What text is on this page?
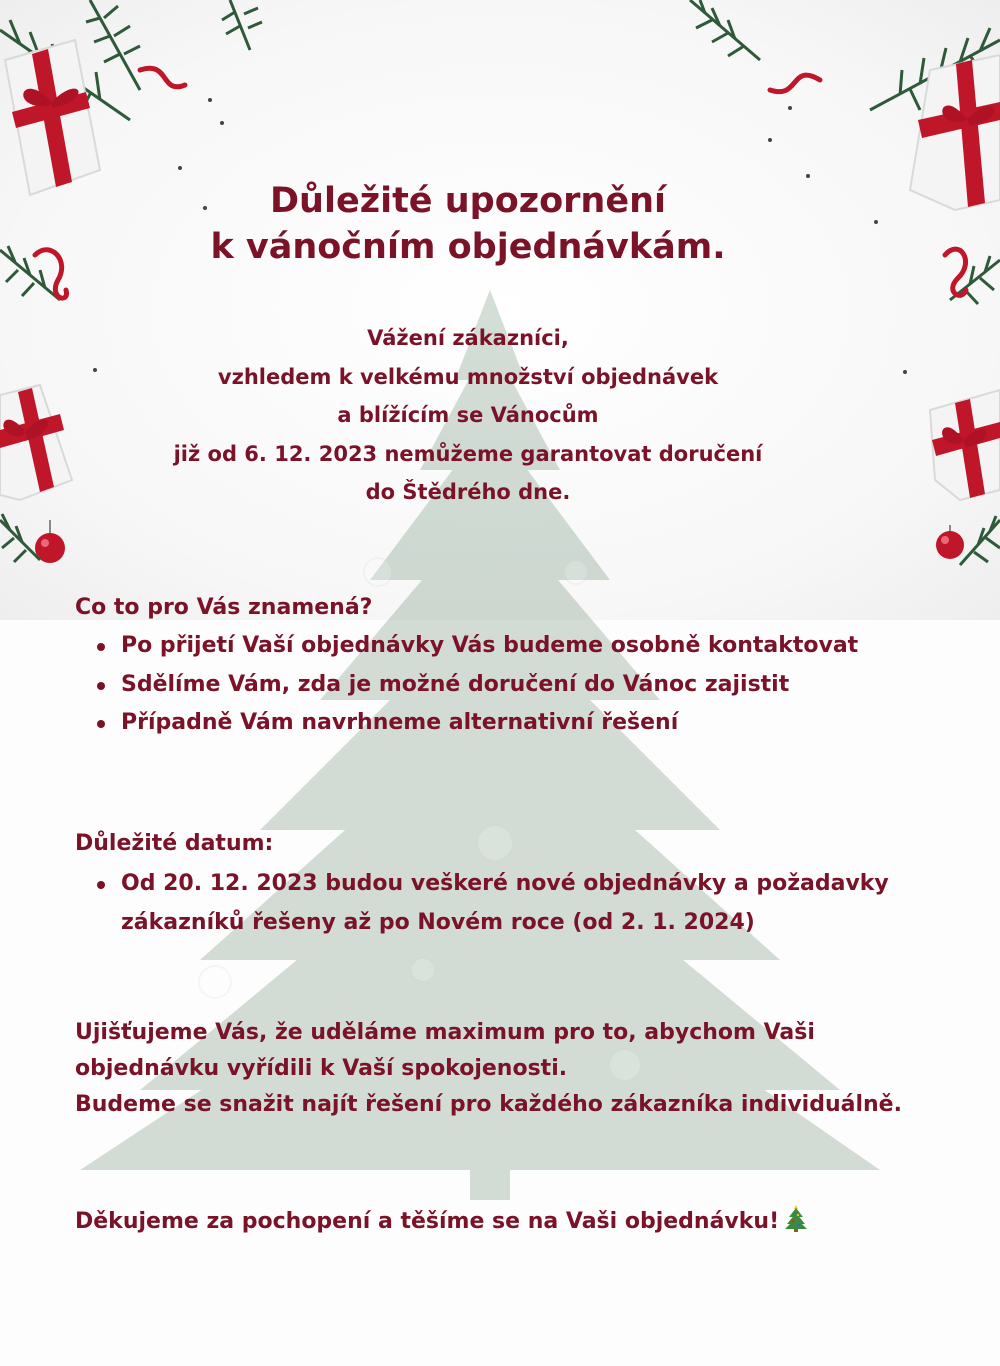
Důležité upozornění
k vánočním objednávkám.
Vážení zákazníci,
vzhledem k velkému množství objednávek
a blížícím se Vánocům
již od 6. 12. 2023 nemůžeme garantovat doručení
do Štědrého dne.
Co to pro Vás znamená?
Po přijetí Vaší objednávky Vás budeme osobně kontaktovat
Sdělíme Vám, zda je možné doručení do Vánoc zajistit
Případně Vám navrhneme alternativní řešení
Důležité datum:
Od 20. 12. 2023 budou veškeré nové objednávky a požadavky
zákazníků řešeny až po Novém roce (od 2. 1. 2024)
Ujišťujeme Vás, že uděláme maximum pro to, abychom Vaši
objednávku vyřídili k Vaší spokojenosti.
Budeme se snažit najít řešení pro každého zákazníka individuálně.
Děkujeme za pochopení a těšíme se na Vaši objednávku!
